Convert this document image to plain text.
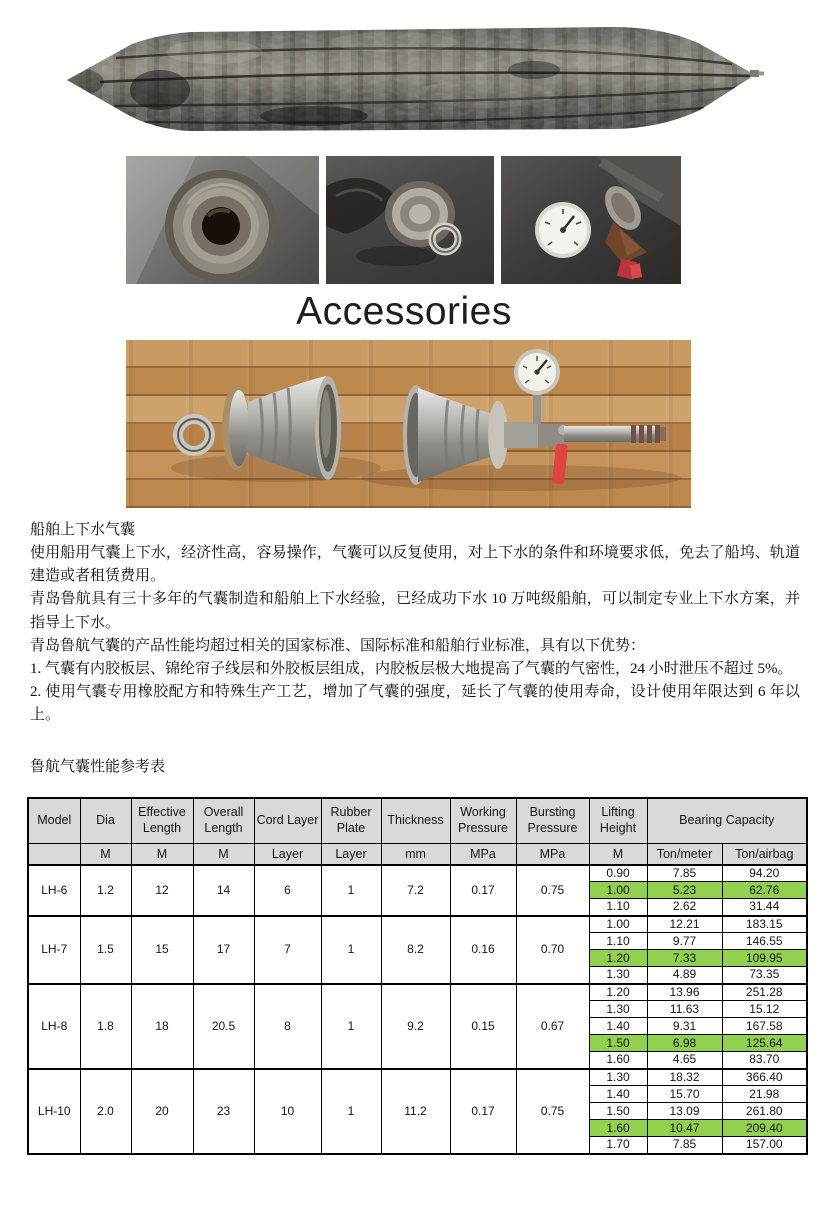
Accessories

船舶上下水气囊

使用船用气囊上下水，经济性高，容易操作，气囊可以反复使用，对上下水的条件和环境要求低，免去了船坞、轨道建造或者租赁费用。

青岛鲁航具有三十多年的气囊制造和船舶上下水经验，已经成功下水 10 万吨级船舶，可以制定专业上下水方案，并指导上下水。

青岛鲁航气囊的产品性能均超过相关的国家标准、国际标准和船舶行业标准，具有以下优势：

1. 气囊有内胶板层、锦纶帘子线层和外胶板层组成，内胶板层极大地提高了气囊的气密性，24 小时泄压不超过 5%。

2. 使用气囊专用橡胶配方和特殊生产工艺，增加了气囊的强度，延长了气囊的使用寿命，设计使用年限达到 6 年以上。

鲁航气囊性能参考表
Model	Dia	Effective Length	Overall Length	Cord Layer	Rubber Plate	Thickness	Working Pressure	Bursting Pressure	Lifting Height	Bearing Capacity	
	M	M	M	Layer	Layer	mm	MPa	MPa	M	Ton/meter	Ton/airbag
LH-6	1.2	12	14	6	1	7.2	0.17	0.75	0.90	7.85	94.20
									1.00	5.23	62.76
									1.10	2.62	31.44
LH-7	1.5	15	17	7	1	8.2	0.16	0.70	1.00	12.21	183.15
									1.10	9.77	146.55
									1.20	7.33	109.95
									1.30	4.89	73.35
LH-8	1.8	18	20.5	8	1	9.2	0.15	0.67	1.20	13.96	251.28
									1.30	11.63	15.12
									1.40	9.31	167.58
									1.50	6.98	125.64
									1.60	4.65	83.70
LH-10	2.0	20	23	10	1	11.2	0.17	0.75	1.30	18.32	366.40
									1.40	15.70	21.98
									1.50	13.09	261.80
									1.60	10.47	209.40
									1.70	7.85	157.00
